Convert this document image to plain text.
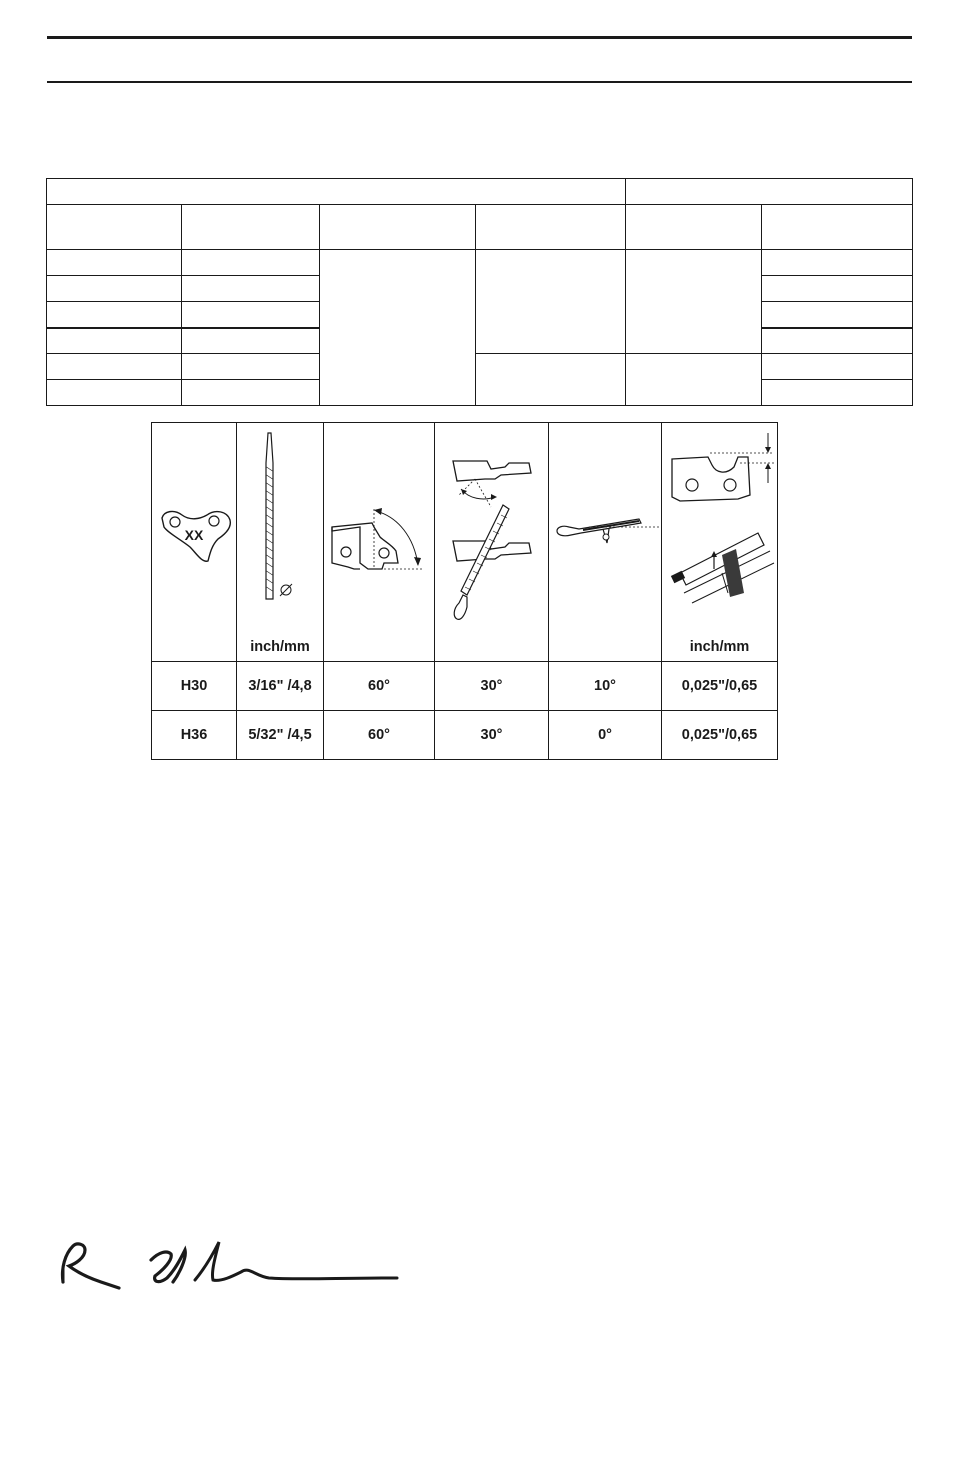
XX	inch/mm				inch/mm

H30	3/16" /4,8	60°	30°	10°	0,025"/0,65
H36	5/32" /4,5	60°	30°	0°	0,025"/0,65
